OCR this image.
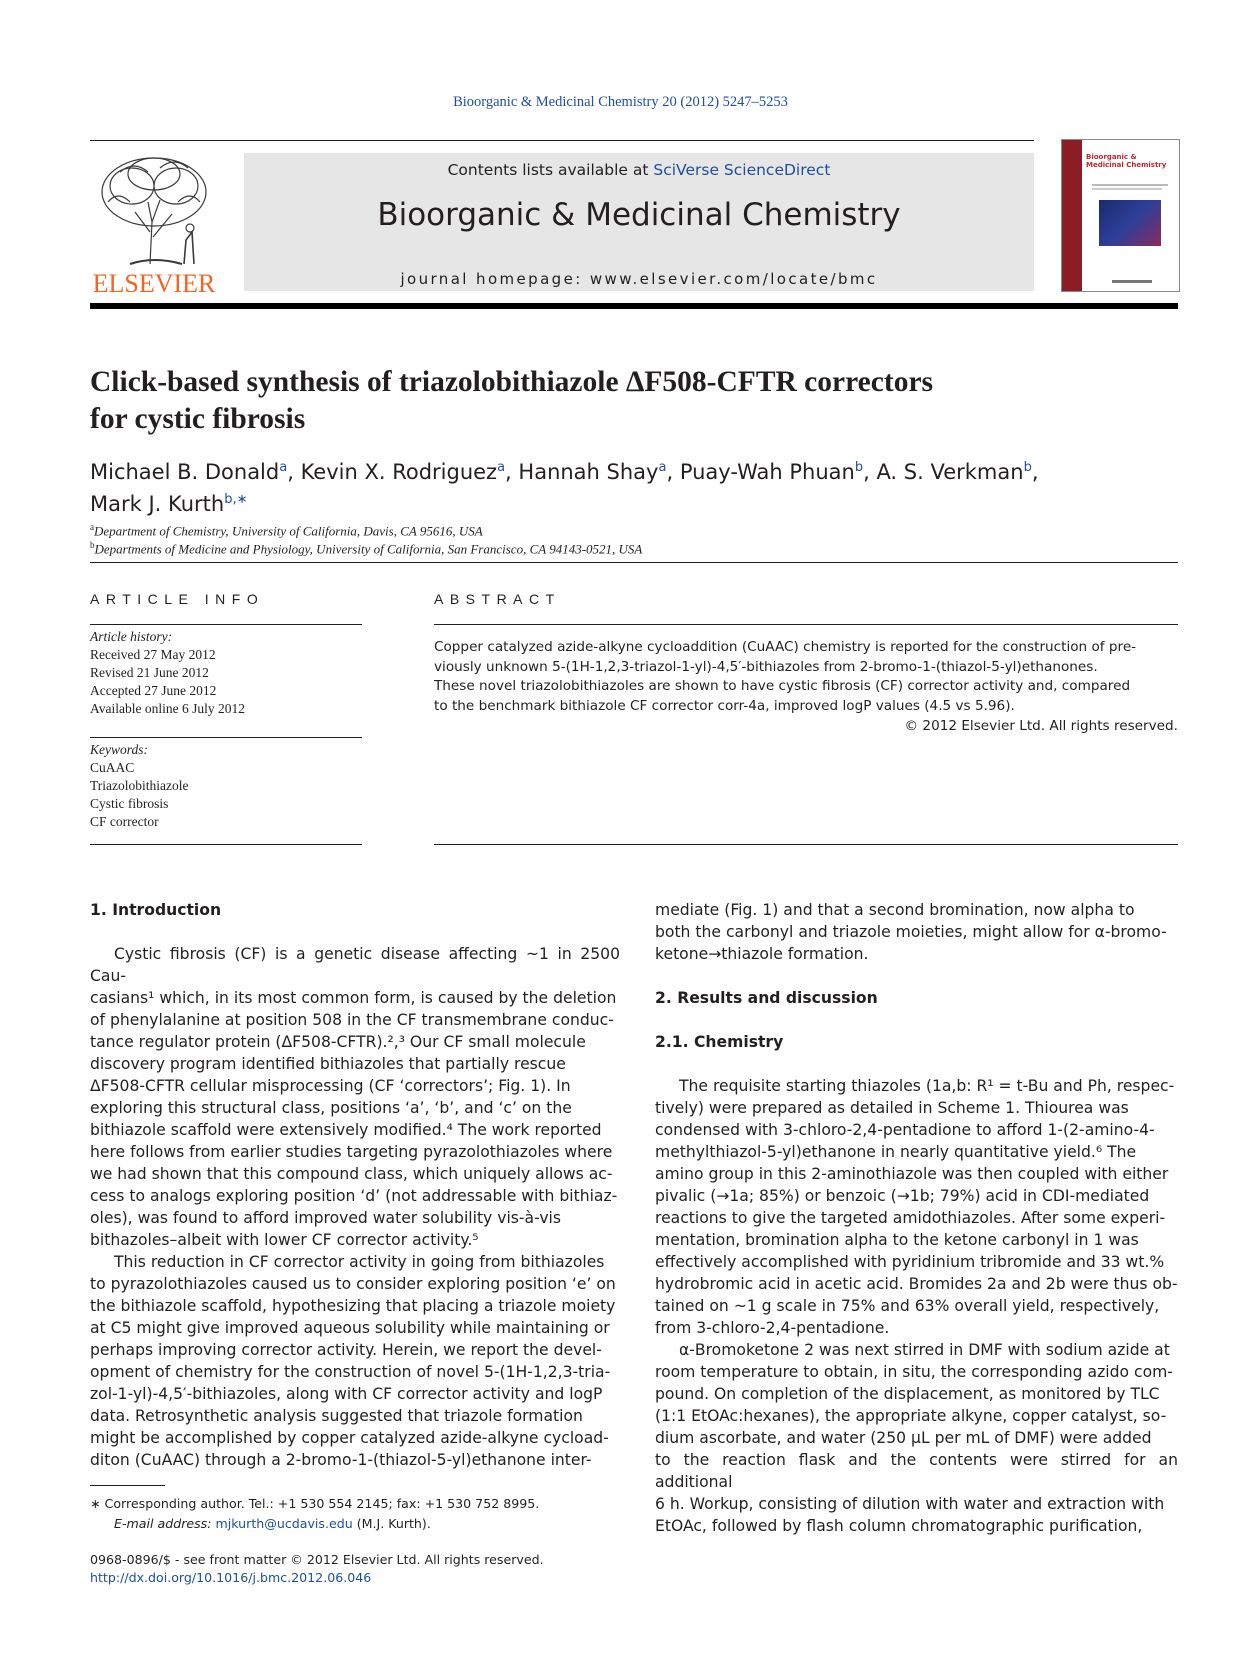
Bioorganic & Medicinal Chemistry 20 (2012) 5247–5253
ELSEVIER
Contents lists available at SciVerse ScienceDirect
Bioorganic & Medicinal Chemistry
journal homepage: www.elsevier.com/locate/bmc
Bioorganic & Medicinal Chemistry
Click-based synthesis of triazolobithiazole ΔF508-CFTR correctors
for cystic fibrosis
Michael B. Donald$^a$, Kevin X. Rodriguez$^a$, Hannah Shay$^a$, Puay-Wah Phuan$^b$, A. S. Verkman$^b$,
Mark J. Kurth$^{b,∗}$
$^a$Department of Chemistry, University of California, Davis, CA 95616, USA
$^b$Departments of Medicine and Physiology, University of California, San Francisco, CA 94143-0521, USA
ARTICLE INFO
Article history:
Received 27 May 2012
Revised 21 June 2012
Accepted 27 June 2012
Available online 6 July 2012
Keywords:
CuAAC
Triazolobithiazole
Cystic fibrosis
CF corrector
ABSTRACT
Copper catalyzed azide-alkyne cycloaddition (CuAAC) chemistry is reported for the construction of pre-
viously unknown 5-(1H-1,2,3-triazol-1-yl)-4,5′-bithiazoles from 2-bromo-1-(thiazol-5-yl)ethanones.
These novel triazolobithiazoles are shown to have cystic fibrosis (CF) corrector activity and, compared
to the benchmark bithiazole CF corrector corr-4a, improved logP values (4.5 vs 5.96).
© 2012 Elsevier Ltd. All rights reserved.
1. Introduction

Cystic fibrosis (CF) is a genetic disease affecting ~1 in 2500 Cau-

casians¹ which, in its most common form, is caused by the deletion

of phenylalanine at position 508 in the CF transmembrane conduc-

tance regulator protein (ΔF508-CFTR).²,³ Our CF small molecule

discovery program identified bithiazoles that partially rescue

ΔF508-CFTR cellular misprocessing (CF ‘correctors’; Fig. 1). In

exploring this structural class, positions ‘a’, ‘b’, and ‘c’ on the

bithiazole scaffold were extensively modified.⁴ The work reported

here follows from earlier studies targeting pyrazolothiazoles where

we had shown that this compound class, which uniquely allows ac-

cess to analogs exploring position ‘d’ (not addressable with bithiaz-

oles), was found to afford improved water solubility vis-à-vis

bithazoles–albeit with lower CF corrector activity.⁵

This reduction in CF corrector activity in going from bithiazoles

to pyrazolothiazoles caused us to consider exploring position ‘e’ on

the bithiazole scaffold, hypothesizing that placing a triazole moiety

at C5 might give improved aqueous solubility while maintaining or

perhaps improving corrector activity. Herein, we report the devel-

opment of chemistry for the construction of novel 5-(1H-1,2,3-tria-

zol-1-yl)-4,5′-bithiazoles, along with CF corrector activity and logP

data. Retrosynthetic analysis suggested that triazole formation

might be accomplished by copper catalyzed azide-alkyne cycload-

diton (CuAAC) through a 2-bromo-1-(thiazol-5-yl)ethanone inter-

mediate (Fig. 1) and that a second bromination, now alpha to

both the carbonyl and triazole moieties, might allow for α-bromo-

ketone→thiazole formation.

2. Results and discussion
2.1. Chemistry

The requisite starting thiazoles (1a,b: R¹ = t-Bu and Ph, respec-

tively) were prepared as detailed in Scheme 1. Thiourea was

condensed with 3-chloro-2,4-pentadione to afford 1-(2-amino-4-

methylthiazol-5-yl)ethanone in nearly quantitative yield.⁶ The

amino group in this 2-aminothiazole was then coupled with either

pivalic (→1a; 85%) or benzoic (→1b; 79%) acid in CDI-mediated

reactions to give the targeted amidothiazoles. After some experi-

mentation, bromination alpha to the ketone carbonyl in 1 was

effectively accomplished with pyridinium tribromide and 33 wt.%

hydrobromic acid in acetic acid. Bromides 2a and 2b were thus ob-

tained on ~1 g scale in 75% and 63% overall yield, respectively,

from 3-chloro-2,4-pentadione.

α-Bromoketone 2 was next stirred in DMF with sodium azide at

room temperature to obtain, in situ, the corresponding azido com-

pound. On completion of the displacement, as monitored by TLC

(1:1 EtOAc:hexanes), the appropriate alkyne, copper catalyst, so-

dium ascorbate, and water (250 μL per mL of DMF) were added

to the reaction flask and the contents were stirred for an additional

6 h. Workup, consisting of dilution with water and extraction with

EtOAc, followed by flash column chromatographic purification,

∗ Corresponding author. Tel.: +1 530 554 2145; fax: +1 530 752 8995.
E-mail address: mjkurth@ucdavis.edu (M.J. Kurth).
0968-0896/$ - see front matter © 2012 Elsevier Ltd. All rights reserved.
http://dx.doi.org/10.1016/j.bmc.2012.06.046
